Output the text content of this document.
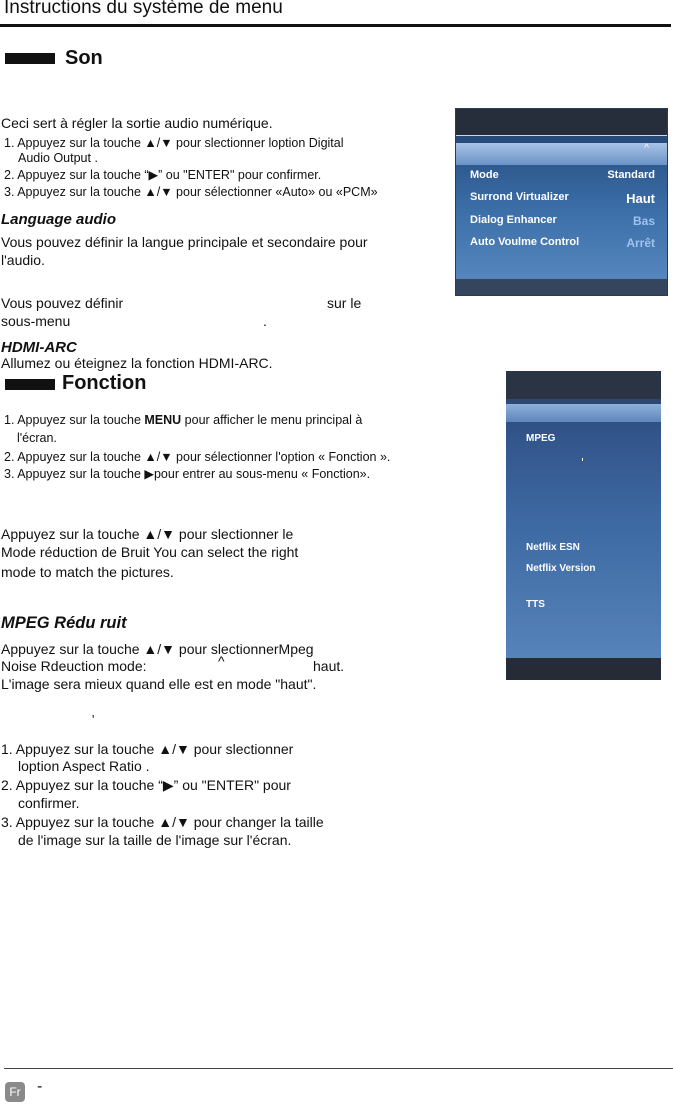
Instructions du système de menu
Son
Ceci sert à régler la sortie audio numérique.
1. Appuyez sur la touche ▲/▼ pour slectionner loption Digital
Audio Output .
2. Appuyez sur la touche “▶” ou "ENTER" pour confirmer.
3. Appuyez sur la touche ▲/▼ pour sélectionner «Auto» ou «PCM»
Language audio
Vous pouvez définir la langue principale et secondaire pour
l'audio.
Vous pouvez définir	sur le
sous-menu	.
HDMI-ARC
Allumez ou éteignez la fonction HDMI-ARC.
^
Mode	Standard
Surrond Virtualizer	Haut
Dialog Enhancer	Bas
Auto Voulme Control	Arrêt
Fonction
1. Appuyez sur la touche MENU pour afficher le menu principal à
l'écran.
2. Appuyez sur la touche ▲/▼ pour sélectionner l'option « Fonction ».
3. Appuyez sur la touche ▶pour entrer au sous-menu « Fonction».
Appuyez sur la touche ▲/▼ pour slectionner le
Mode réduction de Bruit You can select the right
mode to match the pictures.
MPEG Rédu ruit
Appuyez sur la touche ▲/▼ pour slectionnerMpeg
Noise Rdeuction mode:	^	haut.
L'image sera mieux quand elle est en mode "haut".
'
1. Appuyez sur la touche ▲/▼ pour slectionner
loption Aspect Ratio .
2. Appuyez sur la touche “▶” ou "ENTER" pour
confirmer.
3. Appuyez sur la touche ▲/▼ pour changer la taille
de l'image sur la taille de l'image sur l'écran.
MPEG
Netflix ESN
Netflix Version
TTS
Fr -
